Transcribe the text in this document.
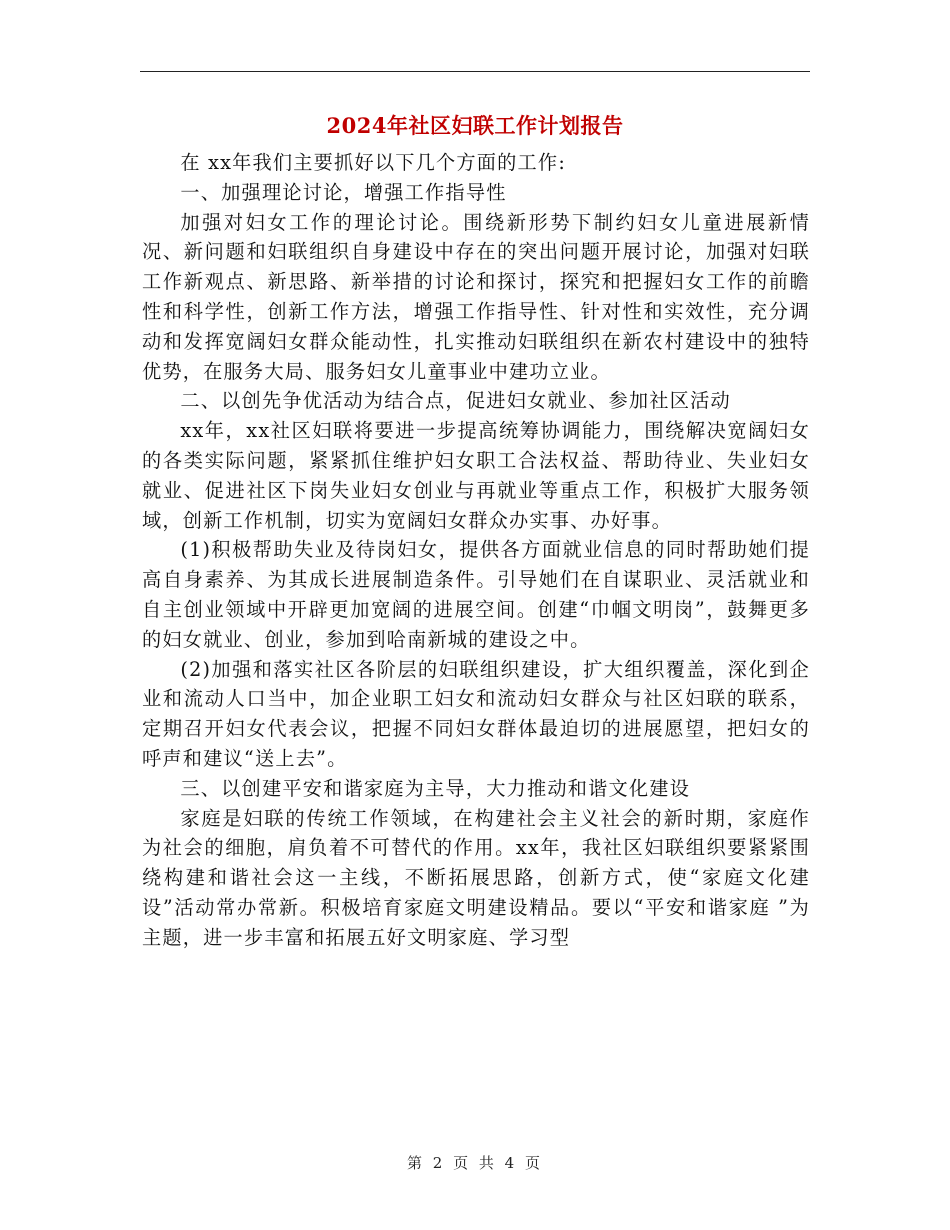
2024年社区妇联工作计划报告

在 xx年我们主要抓好以下几个方面的工作:

一、加强理论讨论，增强工作指导性

加强对妇女工作的理论讨论。围绕新形势下制约妇女儿童进展新情况、新问题和妇联组织自身建设中存在的突出问题开展讨论，加强对妇联工作新观点、新思路、新举措的讨论和探讨，探究和把握妇女工作的前瞻性和科学性，创新工作方法，增强工作指导性、针对性和实效性，充分调动和发挥宽阔妇女群众能动性，扎实推动妇联组织在新农村建设中的独特优势，在服务大局、服务妇女儿童事业中建功立业。

二、以创先争优活动为结合点，促进妇女就业、参加社区活动

xx年，xx社区妇联将要进一步提高统筹协调能力，围绕解决宽阔妇女的各类实际问题，紧紧抓住维护妇女职工合法权益、帮助待业、失业妇女就业、促进社区下岗失业妇女创业与再就业等重点工作，积极扩大服务领域，创新工作机制，切实为宽阔妇女群众办实事、办好事。

(1)积极帮助失业及待岗妇女，提供各方面就业信息的同时帮助她们提高自身素养、为其成长进展制造条件。引导她们在自谋职业、灵活就业和自主创业领域中开辟更加宽阔的进展空间。创建“巾帼文明岗”，鼓舞更多的妇女就业、创业，参加到哈南新城的建设之中。

(2)加强和落实社区各阶层的妇联组织建设，扩大组织覆盖，深化到企业和流动人口当中，加企业职工妇女和流动妇女群众与社区妇联的联系，定期召开妇女代表会议，把握不同妇女群体最迫切的进展愿望，把妇女的呼声和建议“送上去”。

三、以创建平安和谐家庭为主导，大力推动和谐文化建设

家庭是妇联的传统工作领域，在构建社会主义社会的新时期，家庭作为社会的细胞，肩负着不可替代的作用。xx年，我社区妇联组织要紧紧围绕构建和谐社会这一主线，不断拓展思路，创新方式，使“家庭文化建设”活动常办常新。积极培育家庭文明建设精品。要以“平安和谐家庭 ”为主题，进一步丰富和拓展五好文明家庭、学习型

第 2 页 共 4 页
